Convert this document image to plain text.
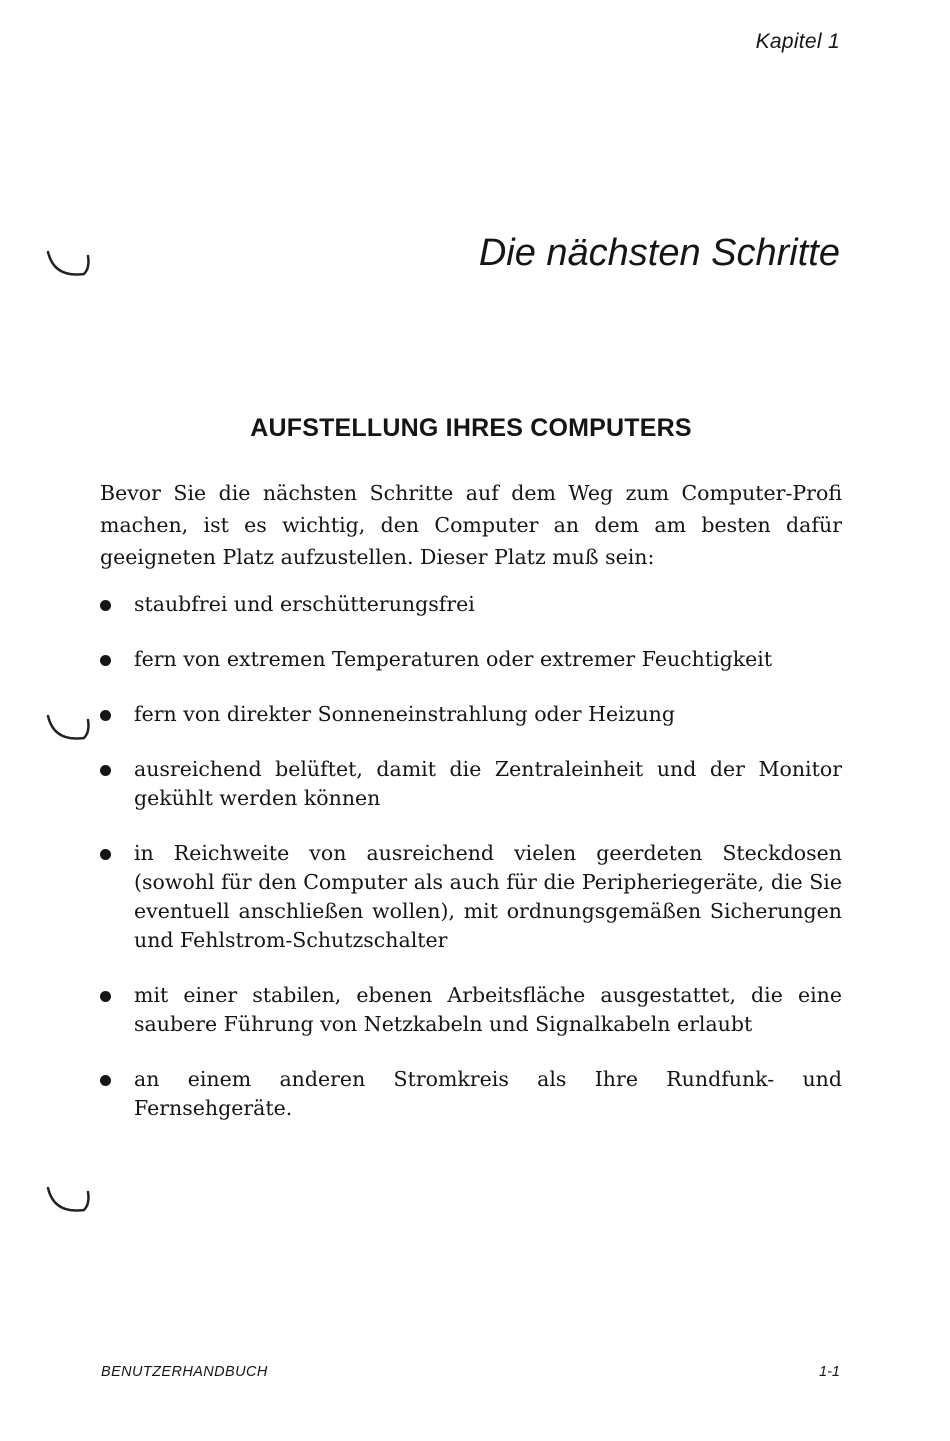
Kapitel 1
Die nächsten Schritte
AUFSTELLUNG IHRES COMPUTERS

Bevor Sie die nächsten Schritte auf dem Weg zum Computer-Profi machen, ist es wichtig, den Computer an dem am besten dafür geeigneten Platz aufzustellen. Dieser Platz muß sein:

staubfrei und erschütterungsfrei
fern von extremen Temperaturen oder extremer Feuchtigkeit
fern von direkter Sonneneinstrahlung oder Heizung
ausreichend belüftet, damit die Zentraleinheit und der Monitor gekühlt werden können
in Reichweite von ausreichend vielen geerdeten Steckdosen (sowohl für den Computer als auch für die Peripheriegeräte, die Sie eventuell anschließen wollen), mit ordnungsgemäßen Sicherungen und Fehlstrom-Schutzschalter
mit einer stabilen, ebenen Arbeitsfläche ausgestattet, die eine saubere Führung von Netzkabeln und Signalkabeln erlaubt
an einem anderen Stromkreis als Ihre Rundfunk- und Fernsehgeräte.
BENUTZERHANDBUCH	1-1
